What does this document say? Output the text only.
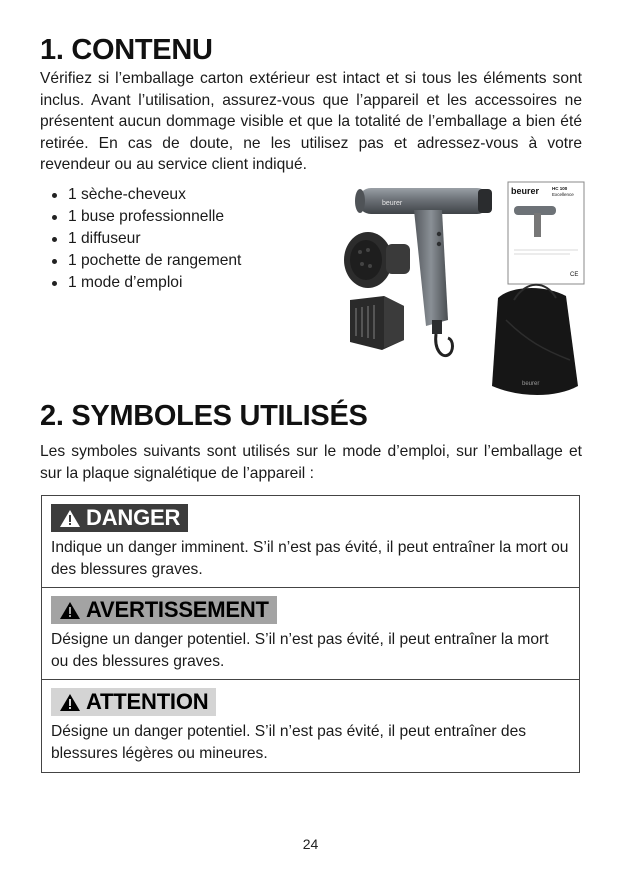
1. CONTENU

Vérifiez si l’emballage carton extérieur est intact et si tous les éléments sont inclus. Avant l’utilisation, assurez-vous que l’appareil et les accessoires ne présentent aucun dommage visible et que la totalité de l’emballage a bien été retirée. En cas de doute, ne les utilisez pas et adressez-vous à votre revendeur ou au service client indiqué.

1 sèche-cheveux
1 buse professionnelle
1 diffuseur
1 pochette de rangement
1 mode d’emploi
beurer
beurer	HC 100
Excellence
CE
beurer
2. SYMBOLES UTILISÉS

Les symboles suivants sont utilisés sur le mode d’emploi, sur l’emballage et sur la plaque signalétique de l’appareil :

DANGER
Indique un danger imminent. S’il n’est pas évité, il peut entraîner la mort ou des blessures graves.

AVERTISSEMENT
Désigne un danger potentiel. S’il n’est pas évité, il peut entraîner la mort ou des blessures graves.

ATTENTION
Désigne un danger potentiel. S’il n’est pas évité, il peut entraîner des blessures légères ou mineures.
24
